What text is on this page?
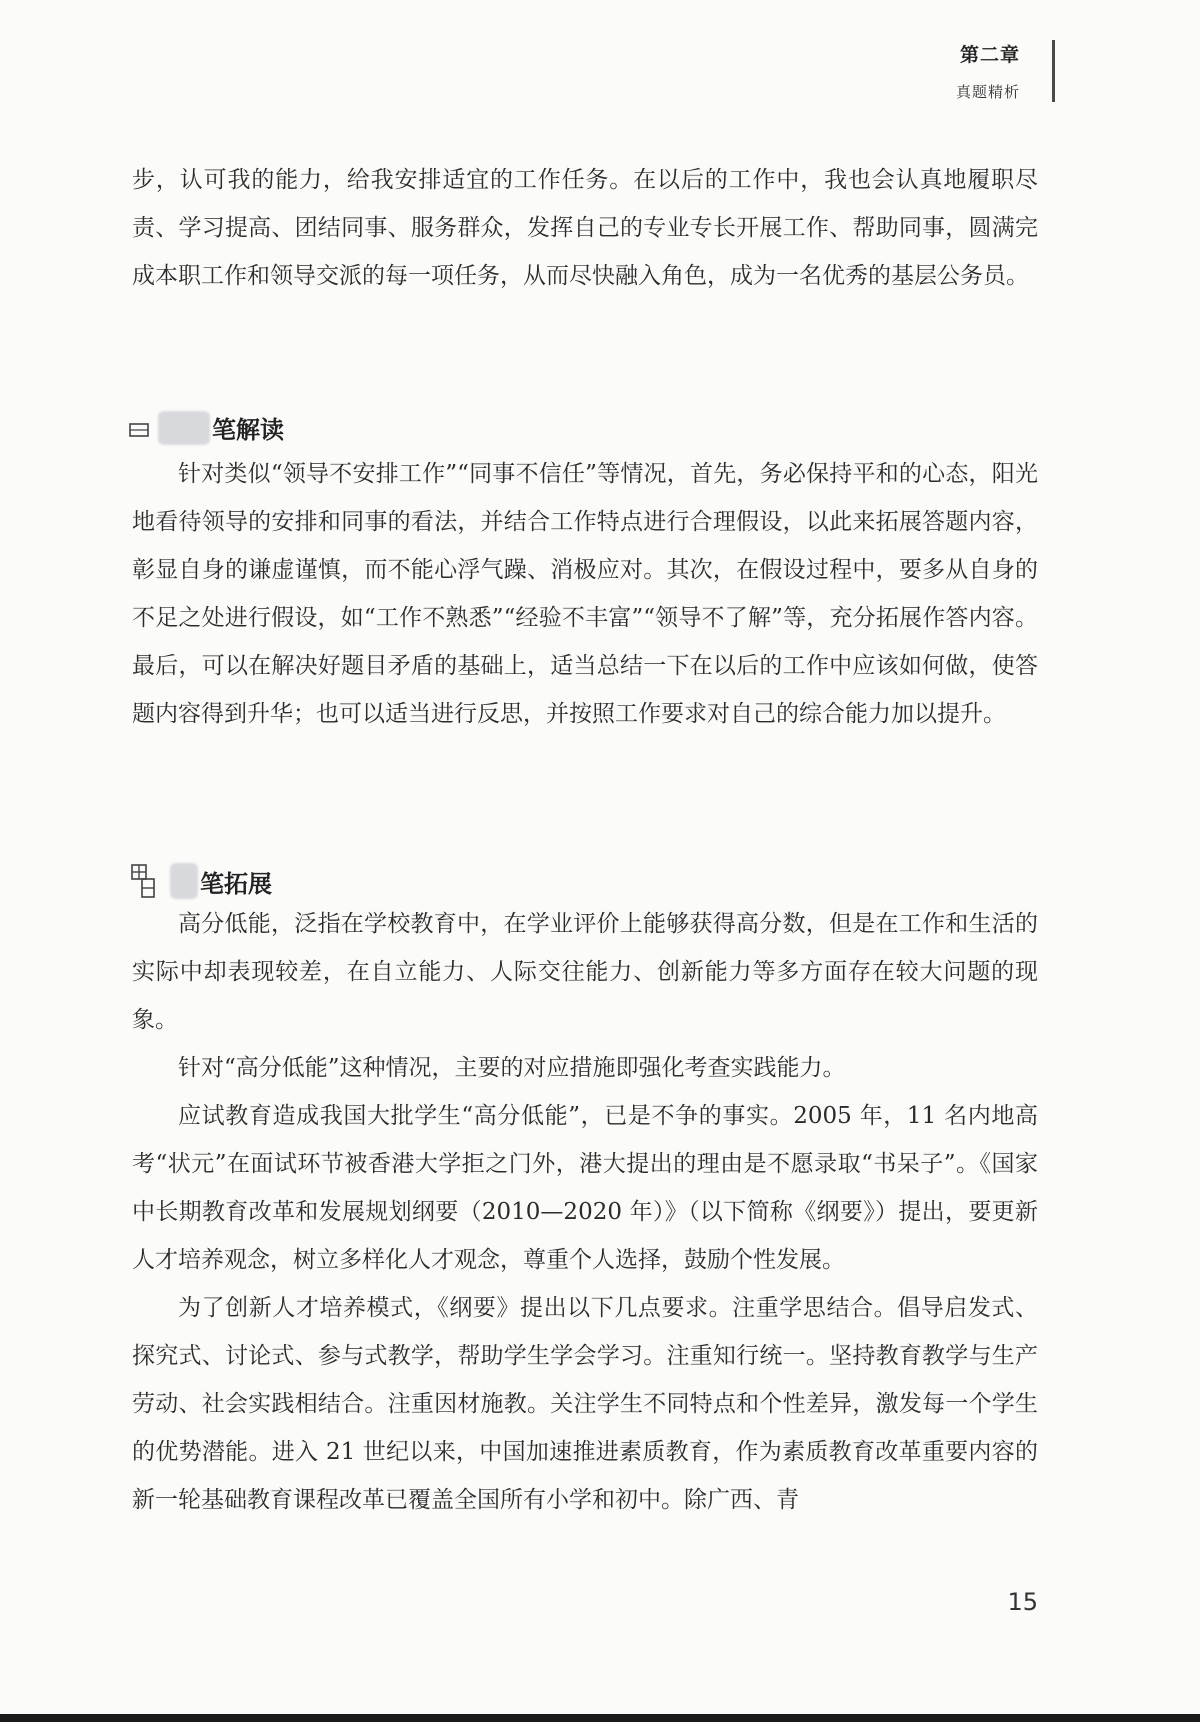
第二章
真题精析

步，认可我的能力，给我安排适宜的工作任务。在以后的工作中，我也会认真地履职尽责、学习提高、团结同事、服务群众，发挥自己的专业专长开展工作、帮助同事，圆满完成本职工作和领导交派的每一项任务，从而尽快融入角色，成为一名优秀的基层公务员。

笔解读

针对类似“领导不安排工作”“同事不信任”等情况，首先，务必保持平和的心态，阳光地看待领导的安排和同事的看法，并结合工作特点进行合理假设，以此来拓展答题内容，彰显自身的谦虚谨慎，而不能心浮气躁、消极应对。其次，在假设过程中，要多从自身的不足之处进行假设，如“工作不熟悉”“经验不丰富”“领导不了解”等，充分拓展作答内容。最后，可以在解决好题目矛盾的基础上，适当总结一下在以后的工作中应该如何做，使答题内容得到升华；也可以适当进行反思，并按照工作要求对自己的综合能力加以提升。

笔拓展

高分低能，泛指在学校教育中，在学业评价上能够获得高分数，但是在工作和生活的实际中却表现较差，在自立能力、人际交往能力、创新能力等多方面存在较大问题的现象。

针对“高分低能”这种情况，主要的对应措施即强化考查实践能力。

应试教育造成我国大批学生“高分低能”，已是不争的事实。2005 年，11 名内地高考“状元”在面试环节被香港大学拒之门外，港大提出的理由是不愿录取“书呆子”。《国家中长期教育改革和发展规划纲要（2010—2020 年）》（以下简称《纲要》）提出，要更新人才培养观念，树立多样化人才观念，尊重个人选择，鼓励个性发展。

为了创新人才培养模式，《纲要》提出以下几点要求。注重学思结合。倡导启发式、探究式、讨论式、参与式教学，帮助学生学会学习。注重知行统一。坚持教育教学与生产劳动、社会实践相结合。注重因材施教。关注学生不同特点和个性差异，激发每一个学生的优势潜能。进入 21 世纪以来，中国加速推进素质教育，作为素质教育改革重要内容的新一轮基础教育课程改革已覆盖全国所有小学和初中。除广西、青

15
